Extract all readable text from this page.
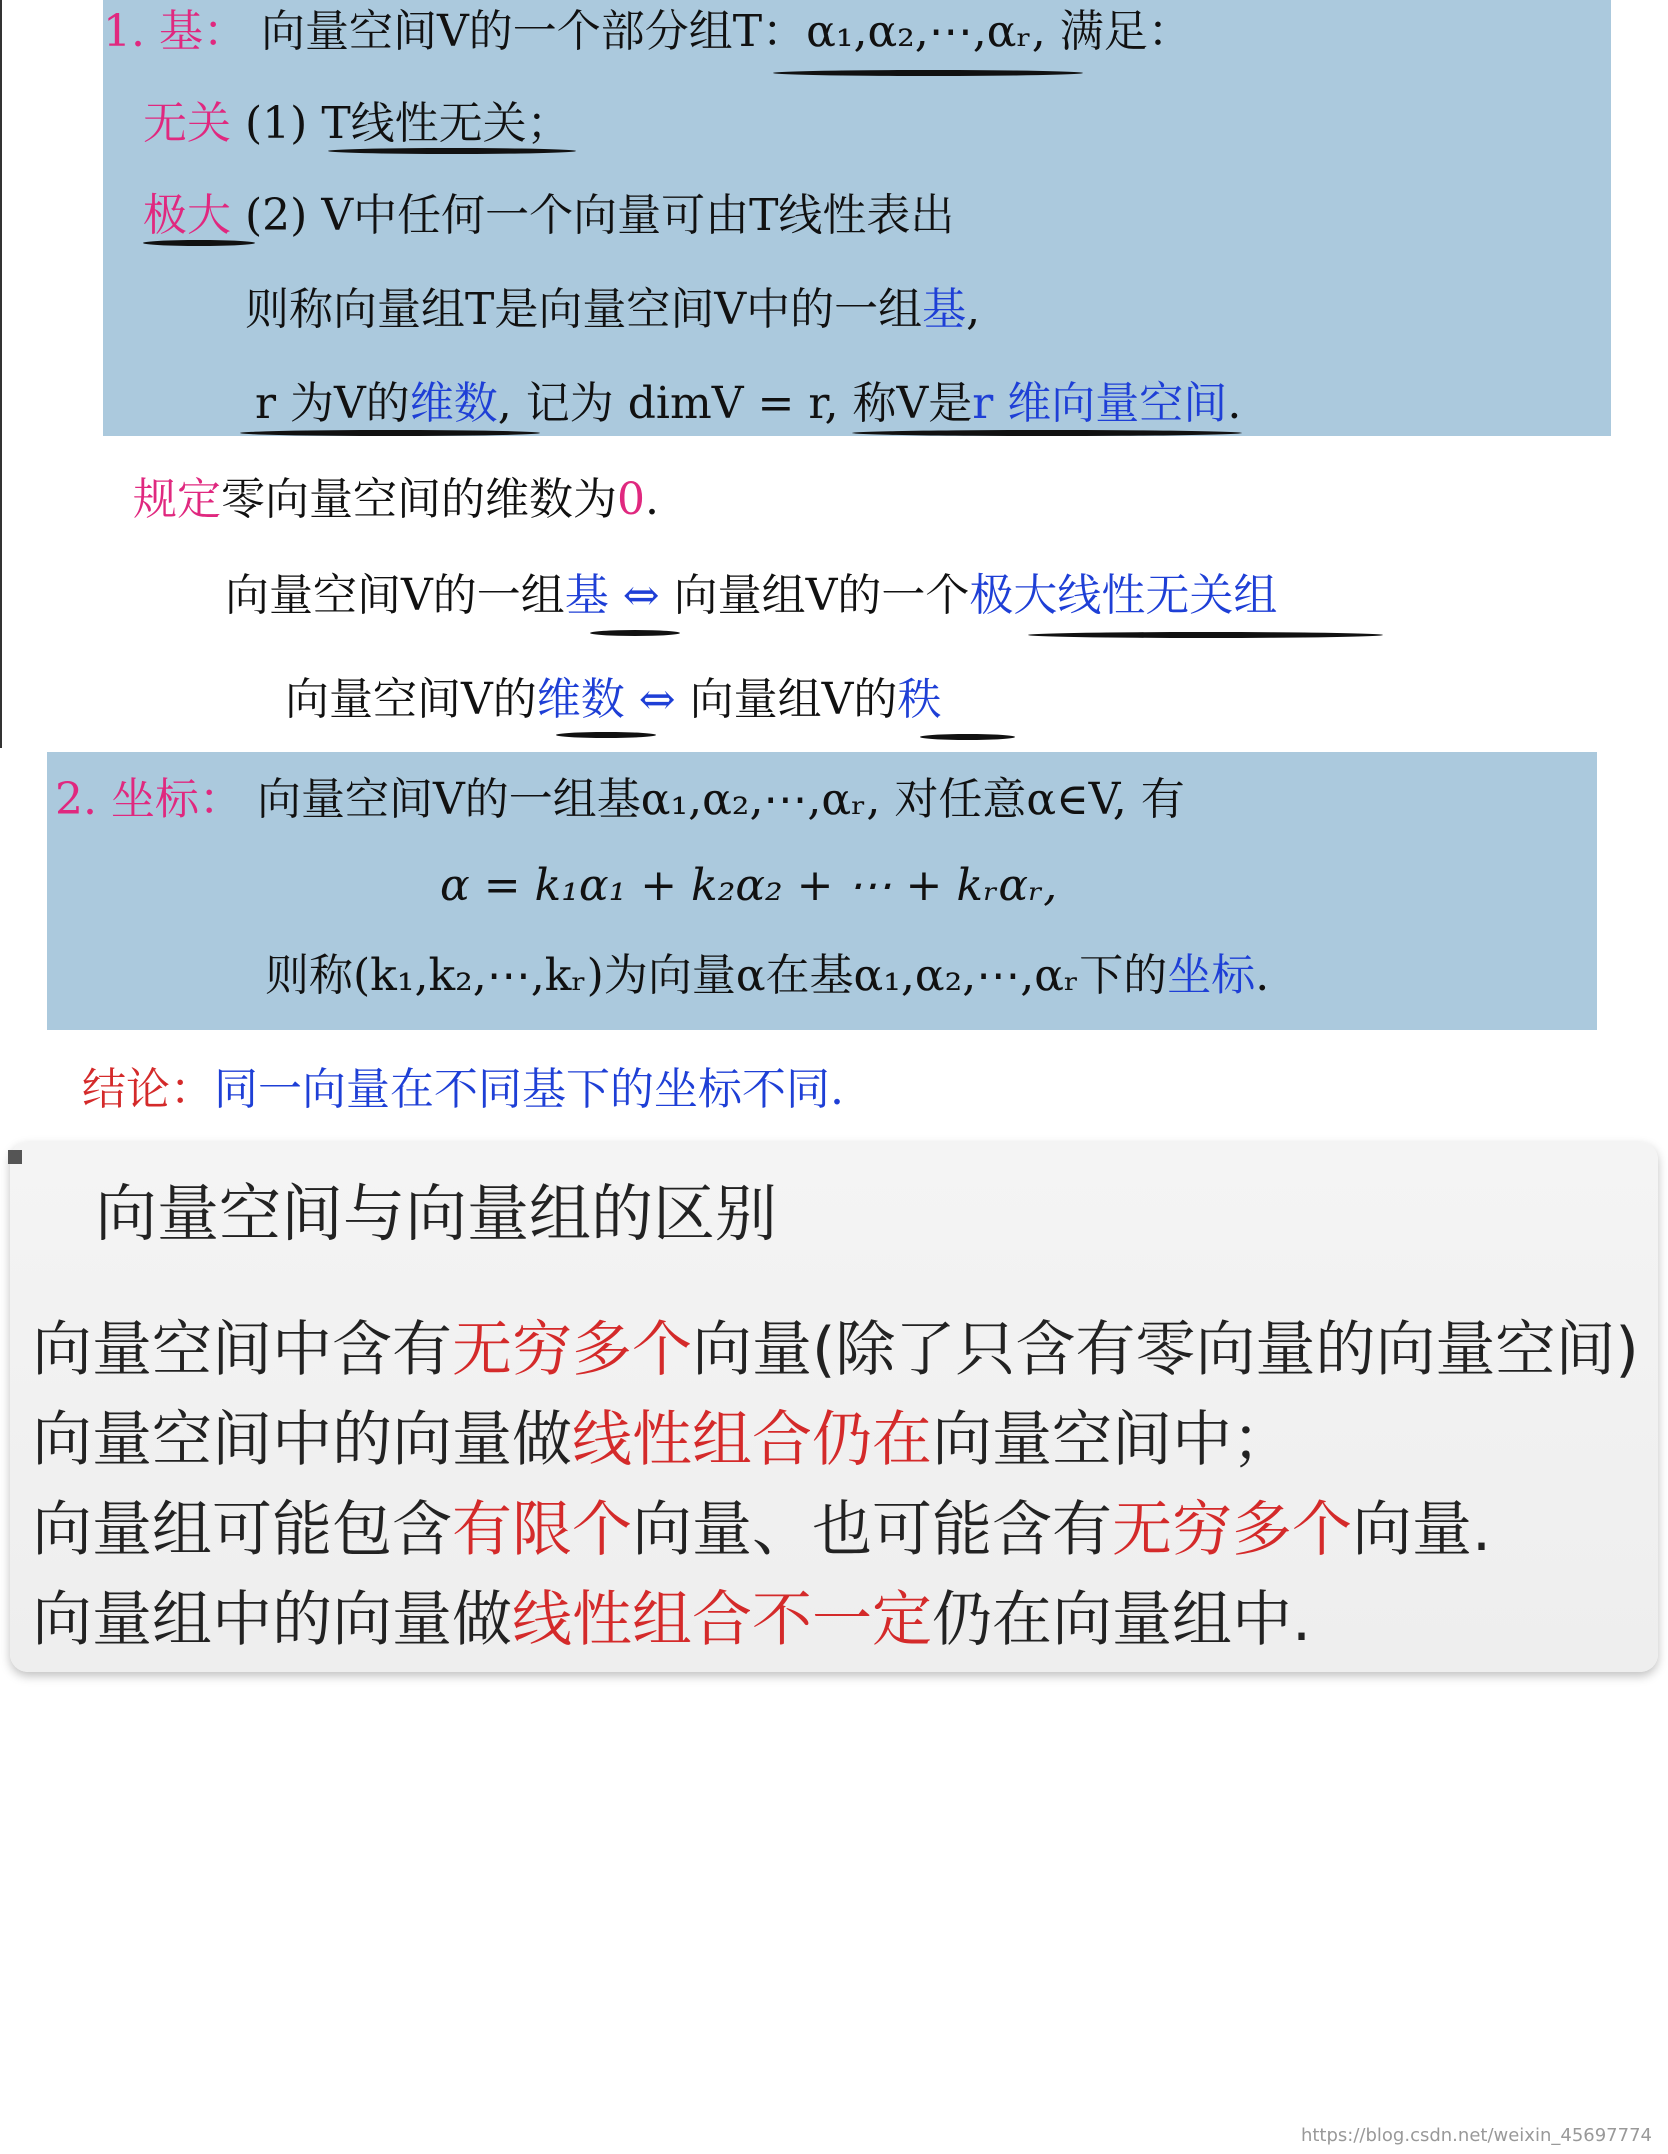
1. 基： 向量空间V的一个部分组T：α₁,α₂,⋯,αᵣ, 满足：
无关 (1) T线性无关；
极大 (2) V中任何一个向量可由T线性表出
则称向量组T是向量空间V中的一组基,
r 为V的维数, 记为 dimV = r, 称V是r 维向量空间.
规定零向量空间的维数为0.
向量空间V的一组基 ⇔ 向量组V的一个极大线性无关组
向量空间V的维数 ⇔ 向量组V的秩
2. 坐标： 向量空间V的一组基α₁,α₂,⋯,αᵣ, 对任意α∈V, 有
α = k₁α₁ + k₂α₂ + ⋯ + kᵣαᵣ,
则称(k₁,k₂,⋯,kᵣ)为向量α在基α₁,α₂,⋯,αᵣ下的坐标.
结论：同一向量在不同基下的坐标不同.
向量空间与向量组的区别
向量空间中含有无穷多个向量(除了只含有零向量的向量空间)
向量空间中的向量做线性组合仍在向量空间中；
向量组可能包含有限个向量、也可能含有无穷多个向量.
向量组中的向量做线性组合不一定仍在向量组中.
https://blog.csdn.net/weixin_45697774
